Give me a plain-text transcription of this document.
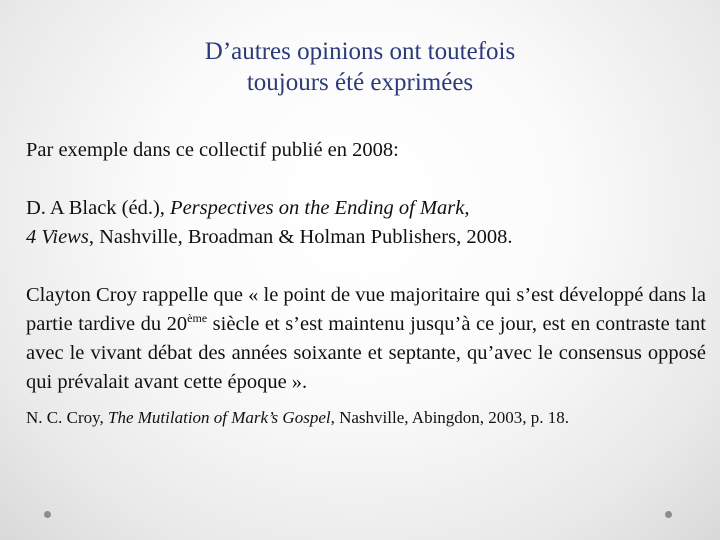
D’autres opinions ont toutefois
toujours été exprimées

Par exemple dans ce collectif publié en 2008:

D. A Black (éd.), Perspectives on the Ending of Mark,
4 Views, Nashville, Broadman & Holman Publishers, 2008.

Clayton Croy rappelle que « le point de vue majoritaire qui s’est développé dans la partie tardive du 20ème siècle et s’est maintenu jusqu’à ce jour, est en contraste tant avec le vivant débat des années soixante et septante, qu’avec le consensus opposé qui prévalait avant cette époque ».

N. C. Croy, The Mutilation of Mark’s Gospel, Nashville, Abingdon, 2003, p. 18.
